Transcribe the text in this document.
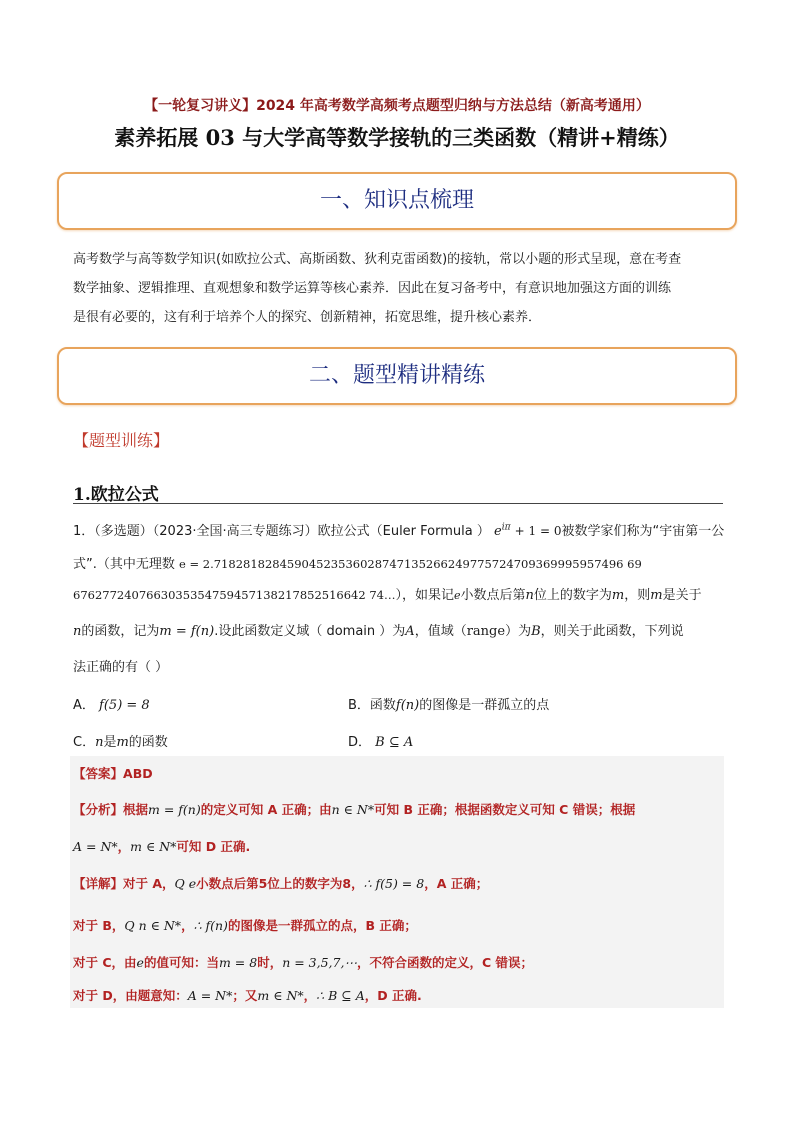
【一轮复习讲义】2024 年高考数学高频考点题型归纳与方法总结（新高考通用）
素养拓展 03 与大学高等数学接轨的三类函数（精讲+精练）
一、知识点梳理
高考数学与高等数学知识(如欧拉公式、高斯函数、狄利克雷函数)的接轨，常以小题的形式呈现，意在考查
数学抽象、逻辑推理、直观想象和数学运算等核心素养．因此在复习备考中，有意识地加强这方面的训练
是很有必要的，这有利于培养个人的探究、创新精神，拓宽思维，提升核心素养．
二、题型精讲精练
【题型训练】
1.欧拉公式
1．（多选题）（2023·全国·高三专题练习）欧拉公式（Euler Formula ） $e^{i\pi} + 1 = 0$被数学家们称为“宇宙第一公
式”.（其中无理数 e = 2.71828182845904523536028747135266249775724709369995957496 69
6762772407663035354759457138217852516642 74…），如果记e小数点后第n位上的数字为m，则m是关于
n的函数，记为m = f(n).设此函数定义域（ domain ）为A，值域（range）为B，则关于此函数，下列说
法正确的有（ ）
A． f(5) = 8	B．函数f(n)的图像是一群孤立的点
C．n是m的函数	D． B ⊆ A
【答案】ABD
【分析】根据m = f(n)的定义可知 A 正确；由n ∈ N*可知 B 正确；根据函数定义可知 C 错误；根据
A = N*，m ∈ N*可知 D 正确.
【详解】对于 A，Q e小数点后第5位上的数字为8，∴ f(5) = 8，A 正确；
对于 B，Q n ∈ N*，∴ f(n)的图像是一群孤立的点，B 正确；
对于 C，由e的值可知：当m = 8时，n = 3,5,7,⋯，不符合函数的定义，C 错误；
对于 D，由题意知：A = N*；又m ∈ N*，∴ B ⊆ A，D 正确.
